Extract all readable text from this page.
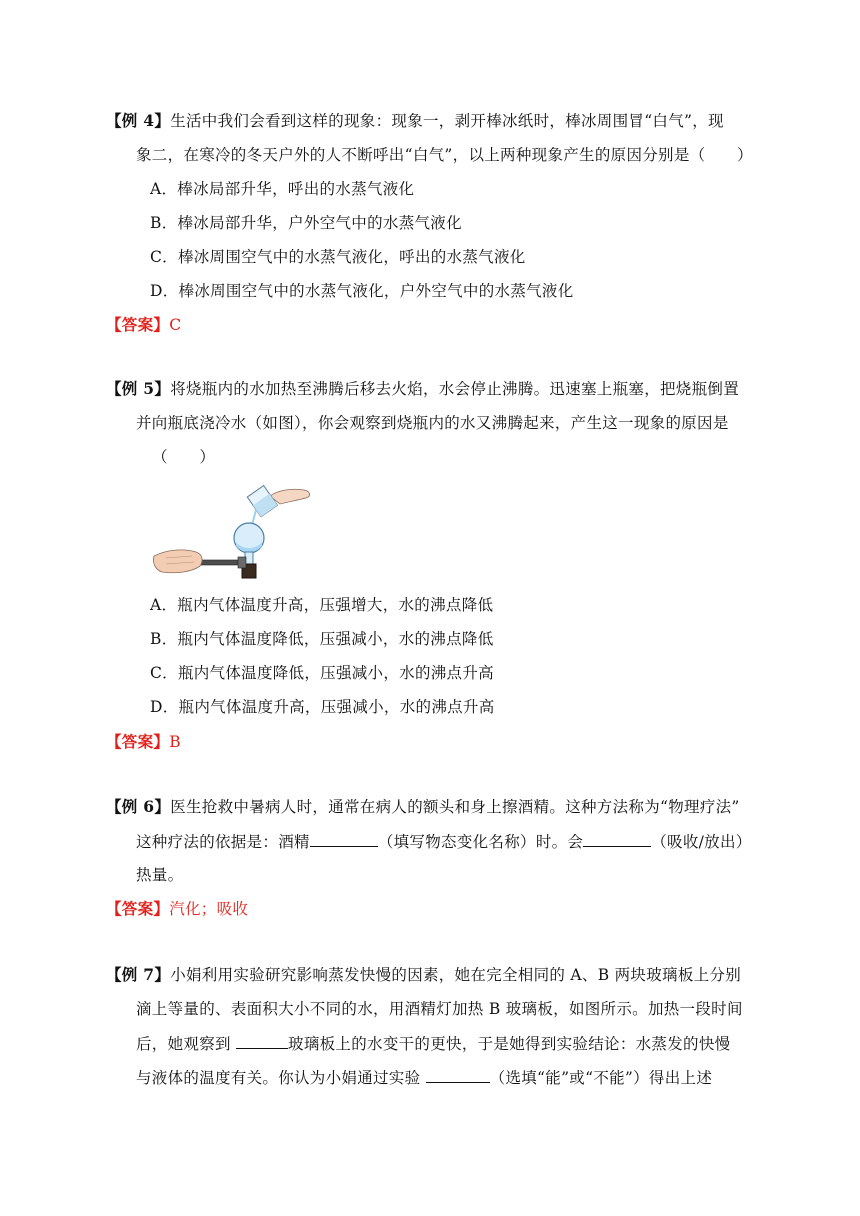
【例 4】生活中我们会看到这样的现象：现象一，剥开棒冰纸时，棒冰周围冒“白气”，现
象二，在寒冷的冬天户外的人不断呼出“白气”，以上两种现象产生的原因分别是（　　）
A．棒冰局部升华，呼出的水蒸气液化
B．棒冰局部升华，户外空气中的水蒸气液化
C．棒冰周围空气中的水蒸气液化，呼出的水蒸气液化
D．棒冰周围空气中的水蒸气液化，户外空气中的水蒸气液化
【答案】C
【例 5】将烧瓶内的水加热至沸腾后移去火焰，水会停止沸腾。迅速塞上瓶塞，把烧瓶倒置
并向瓶底浇冷水（如图），你会观察到烧瓶内的水又沸腾起来，产生这一现象的原因是
（　　）
A．瓶内气体温度升高，压强增大，水的沸点降低
B．瓶内气体温度降低，压强减小，水的沸点降低
C．瓶内气体温度降低，压强减小，水的沸点升高
D．瓶内气体温度升高，压强减小，水的沸点升高
【答案】B
【例 6】医生抢救中暑病人时，通常在病人的额头和身上擦酒精。这种方法称为“物理疗法”
这种疗法的依据是：酒精	（填写物态变化名称）时。会	（吸收/放出）
热量。
【答案】汽化；吸收
【例 7】小娟利用实验研究影响蒸发快慢的因素，她在完全相同的 A、B 两块玻璃板上分别
滴上等量的、表面积大小不同的水，用酒精灯加热 B 玻璃板，如图所示。加热一段时间
后，她观察到	玻璃板上的水变干的更快，于是她得到实验结论：水蒸发的快慢
与液体的温度有关。你认为小娟通过实验	（选填“能”或“不能”）得出上述
